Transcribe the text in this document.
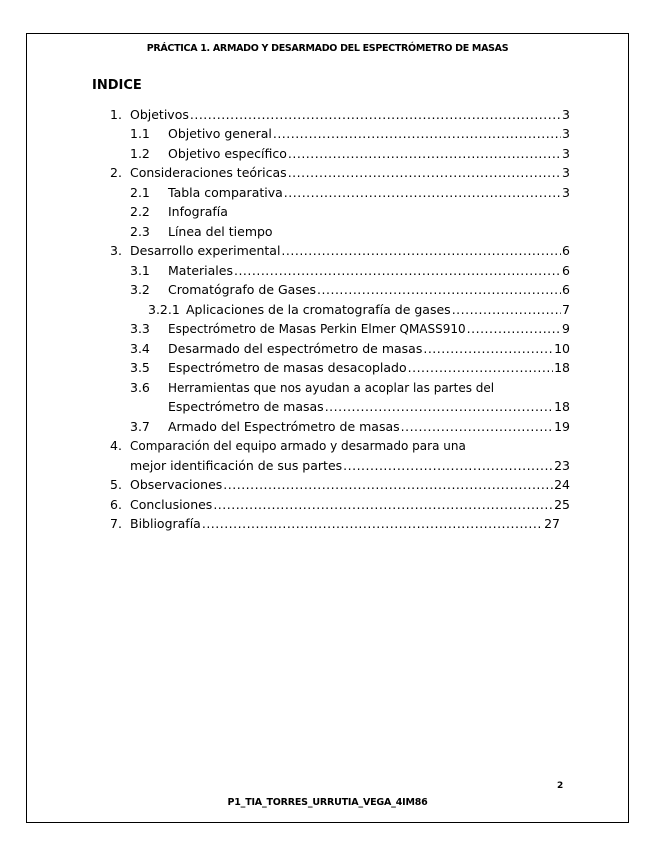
PRÁCTICA 1. ARMADO Y DESARMADO DEL ESPECTRÓMETRO DE MASAS
INDICE
1. Objetivos .....	3
1.1	Objetivo general .....	3
1.2	Objetivo específico .....	3
2. Consideraciones teóricas .....	3
2.1	Tabla comparativa .....	3
2.2	Infografía
2.3	Línea del tiempo
3. Desarrollo experimental .....	6
3.1	Materiales .....	6
3.2	Cromatógrafo de Gases .....	6
3.2.1 Aplicaciones de la cromatografía de gases .....	7
3.3	Espectrómetro de Masas Perkin Elmer QMASS910 .....	9
3.4	Desarmado del espectrómetro de masas .....	10
3.5	Espectrómetro de masas desacoplado .....	18
3.6	Herramientas que nos ayudan a acoplar las partes del
Espectrómetro de masas .....	18
3.7	Armado del Espectrómetro de masas .....	19
4. Comparación del equipo armado y desarmado para una
mejor identificación de sus partes .....	23
5. Observaciones .....	24
6. Conclusiones .....	25
7. Bibliografía .....	27
2
P1_TIA_TORRES_URRUTIA_VEGA_4IM86
